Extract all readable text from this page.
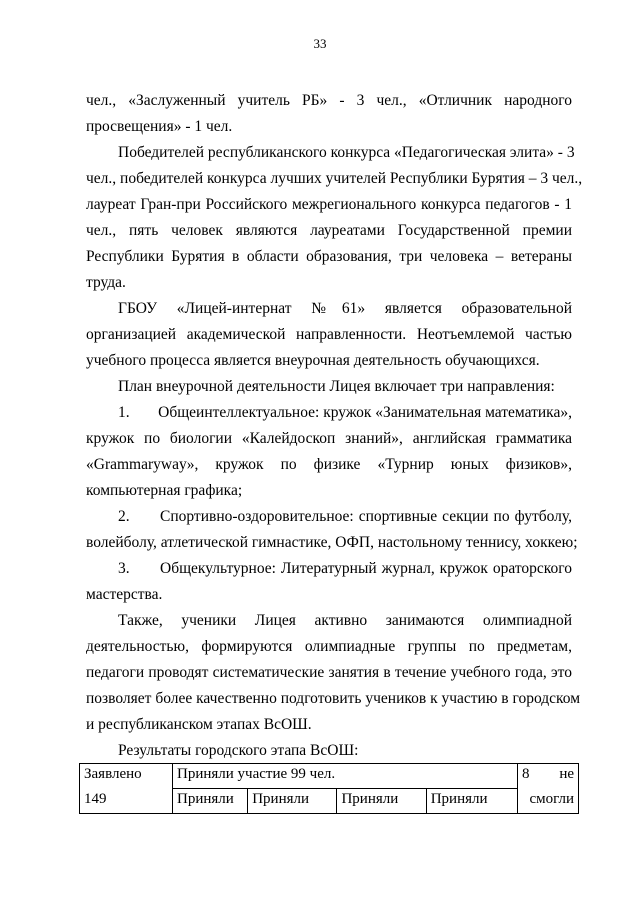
33
чел., «Заслуженный учитель РБ» - 3 чел., «Отличник народного
просвещения» - 1 чел.
Победителей республиканского конкурса «Педагогическая элита» - 3
чел., победителей конкурса лучших учителей Республики Бурятия – 3 чел.,
лауреат Гран-при Российского межрегионального конкурса педагогов - 1
чел., пять человек являются лауреатами Государственной премии
Республики Бурятия в области образования, три человека – ветераны
труда.
ГБОУ «Лицей-интернат №61» является образовательной
организацией академической направленности. Неотъемлемой частью
учебного процесса является внеурочная деятельность обучающихся.
План внеурочной деятельности Лицея включает три направления:
1.	Общеинтеллектуальное: кружок «Занимательная математика»,
кружок по биологии «Калейдоскоп знаний», английская грамматика
«Grammaryway», кружок по физике «Турнир юных физиков»,
компьютерная графика;
2.	Спортивно-оздоровительное: спортивные секции по футболу,
волейболу, атлетической гимнастике, ОФП, настольному теннису, хоккею;
3.	Общекультурное: Литературный журнал, кружок ораторского
мастерства.
Также, ученики Лицея активно занимаются олимпиадной
деятельностью, формируются олимпиадные группы по предметам,
педагоги проводят систематические занятия в течение учебного года, это
позволяет более качественно подготовить учеников к участию в городском
и республиканском этапах ВсОШ.
Результаты городского этапа ВсОШ:
Заявлено	Приняли участие 99 чел.				8 не
149	Приняли	Приняли	Приняли	Приняли	смогли
